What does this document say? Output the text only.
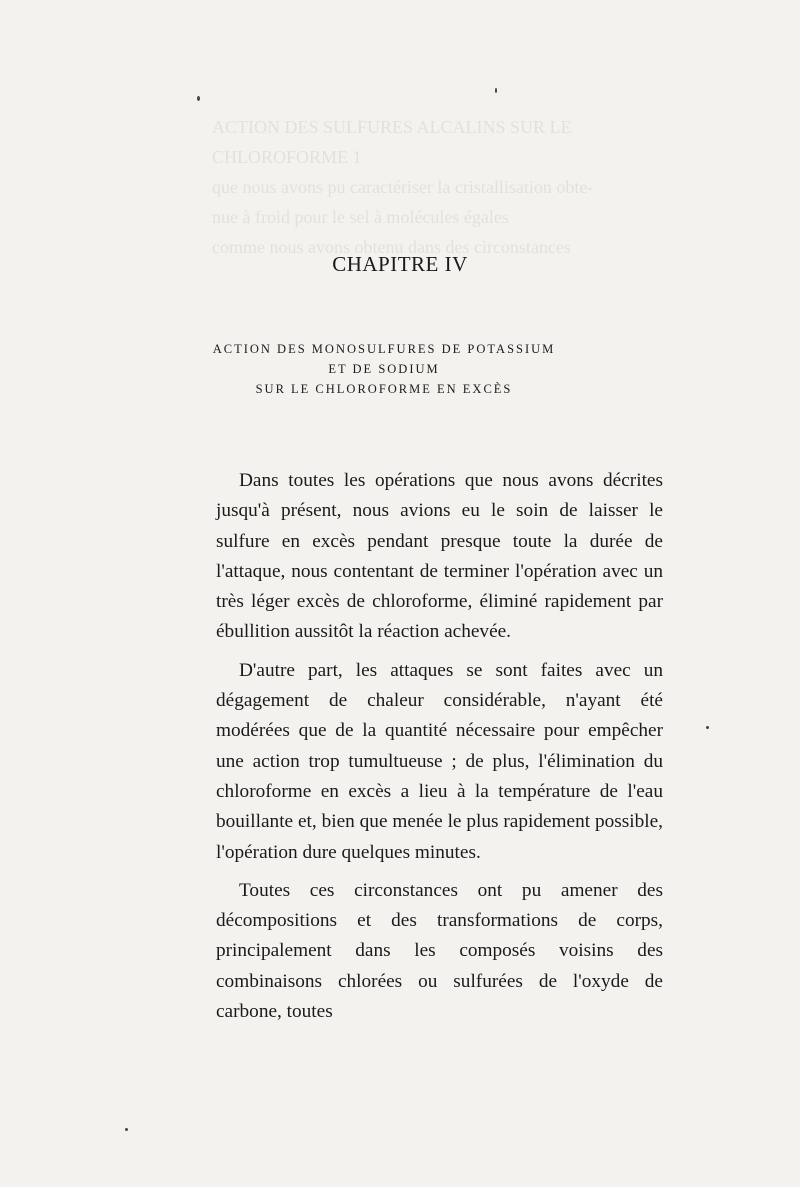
ACTION DES SULFURES ALCALINS SUR LE CHLOROFORME 1
que nous avons pu caractériser la cristallisation obte-
nue à froid pour le sel à molécules égales
comme nous avons obtenu dans des circonstances
CHAPITRE IV
ACTION DES MONOSULFURES DE POTASSIUM
ET DE SODIUM
SUR LE CHLOROFORME EN EXCÈS

Dans toutes les opérations que nous avons décrites jusqu'à présent, nous avions eu le soin de laisser le sulfure en excès pendant presque toute la durée de l'attaque, nous contentant de terminer l'opération avec un très léger excès de chloroforme, éliminé rapidement par ébullition aussitôt la réaction achevée.

D'autre part, les attaques se sont faites avec un dégagement de chaleur considérable, n'ayant été modérées que de la quantité nécessaire pour empêcher une action trop tumultueuse ; de plus, l'élimination du chloroforme en excès a lieu à la température de l'eau bouillante et, bien que menée le plus rapidement possible, l'opération dure quelques minutes.

Toutes ces circonstances ont pu amener des décompositions et des transformations de corps, principalement dans les composés voisins des combinaisons chlorées ou sulfurées de l'oxyde de carbone, toutes
